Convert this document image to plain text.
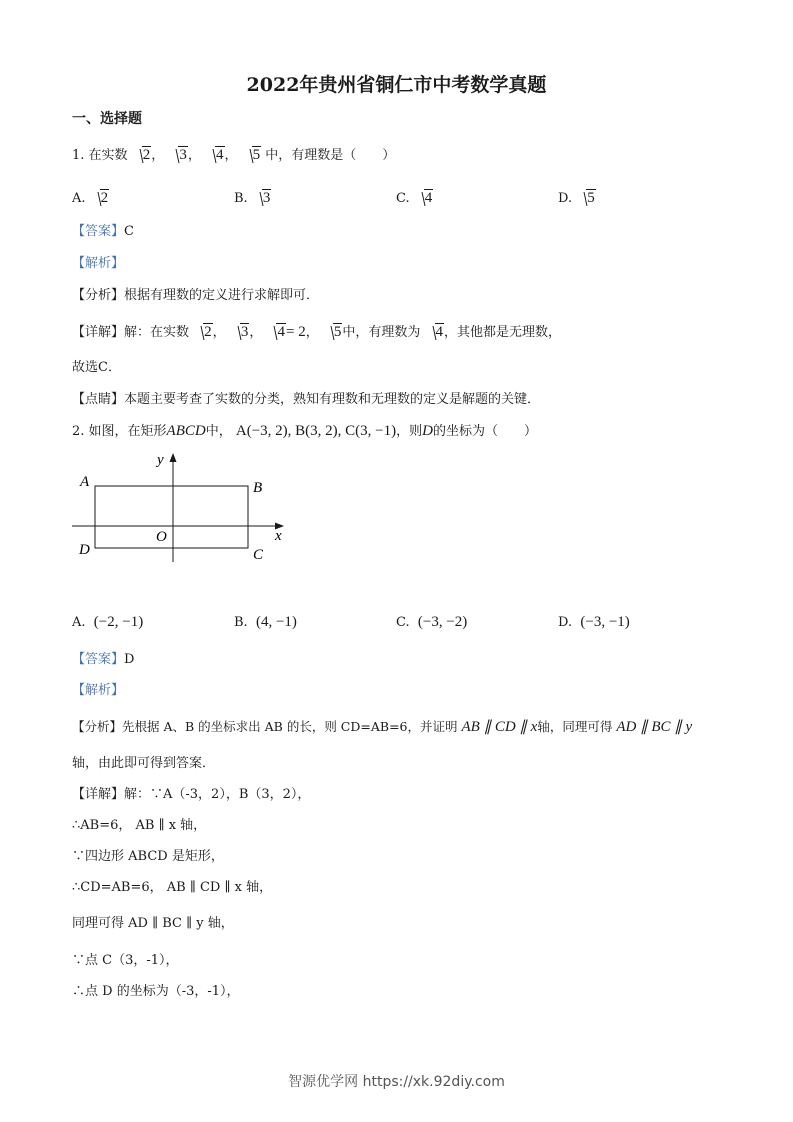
2022年贵州省铜仁市中考数学真题
一、选择题
1. 在实数 2， 3， 4， 5 中，有理数是（　　）
A. 2	B. 3	C. 4	D. 5
【答案】C
【解析】
【分析】根据有理数的定义进行求解即可．
【详解】解：在实数 2， 3， 4= 2， 5中，有理数为 4，其他都是无理数，
故选C．
【点睛】本题主要考查了实数的分类，熟知有理数和无理数的定义是解题的关键．
2. 如图，在矩形ABCD中， A(−3, 2), B(3, 2), C(3, −1)，则D的坐标为（　　）
A	B
C
D
O	x
y
A. (−2, −1)	B. (4, −1)	C. (−3, −2)	D. (−3, −1)
【答案】D
【解析】
【分析】先根据 A、B 的坐标求出 AB 的长，则 CD=AB=6，并证明 AB ∥ CD ∥ x轴，同理可得 AD ∥ BC ∥ y
轴，由此即可得到答案．
【详解】解：∵A（-3，2），B（3，2），
∴AB=6， AB ∥ x 轴，
∵四边形 ABCD 是矩形，
∴CD=AB=6， AB ∥ CD ∥ x 轴，
同理可得 AD ∥ BC ∥ y 轴，
∵点 C（3，-1），
∴点 D 的坐标为（-3，-1），
智源优学网 https://xk.92diy.com
